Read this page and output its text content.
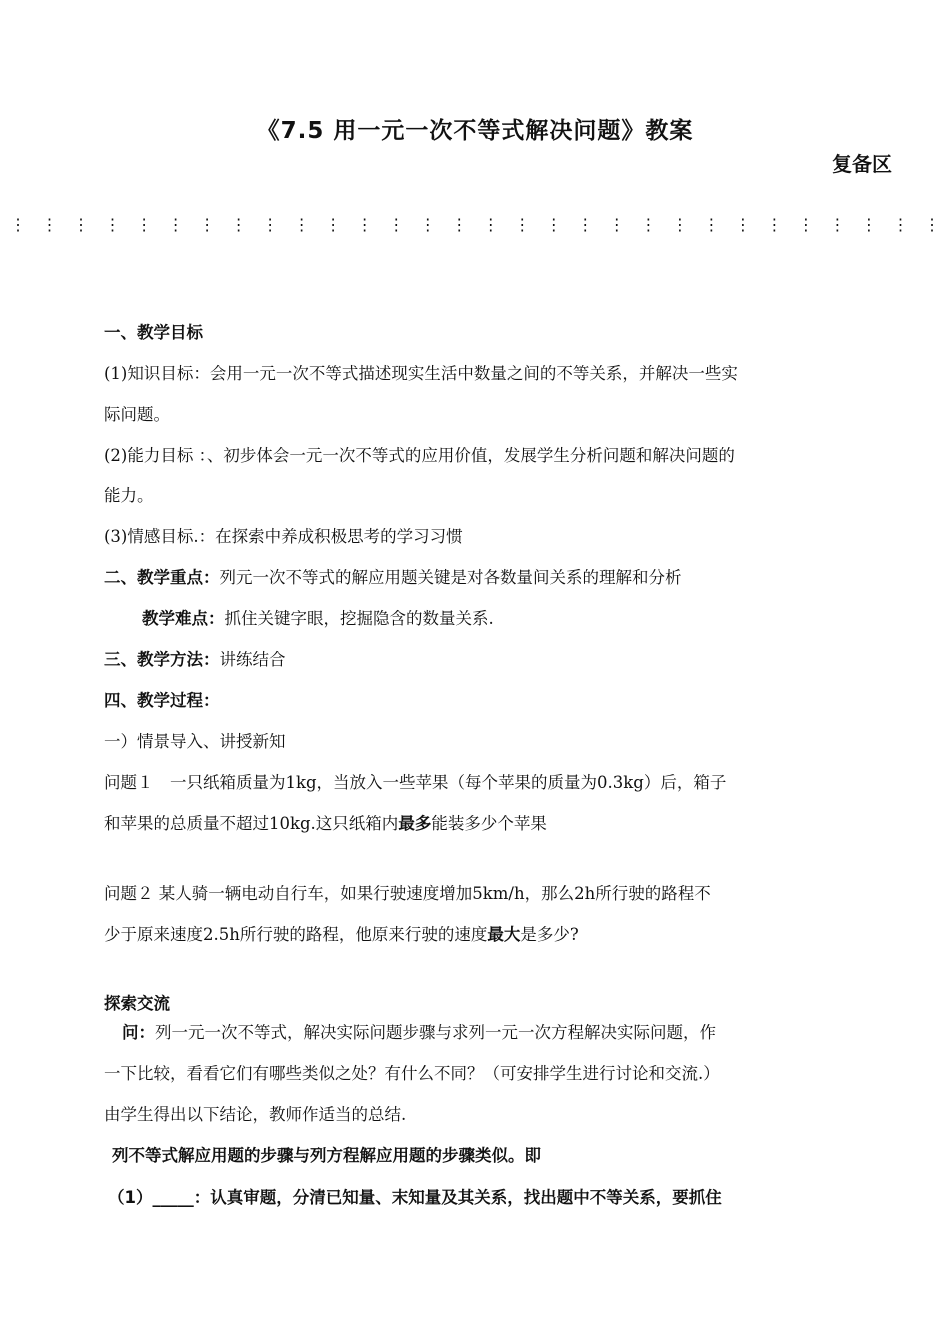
《7.5 用一元一次不等式解决问题》教案
复备区
⋮ ⋮ ⋮ ⋮ ⋮ ⋮ ⋮ ⋮ ⋮ ⋮ ⋮ ⋮ ⋮ ⋮ ⋮ ⋮ ⋮ ⋮ ⋮ ⋮ ⋮ ⋮ ⋮ ⋮ ⋮ ⋮ ⋮ ⋮ ⋮ ⋮
一、教学目标
(1)知识目标：会用一元一次不等式描述现实生活中数量之间的不等关系，并解决一些实
际问题。
(2)能力目标 ：、初步体会一元一次不等式的应用价值，发展学生分析问题和解决问题的
能力。
(3)情感目标.：在探索中养成积极思考的学习习惯
二、教学重点：列元一次不等式的解应用题关键是对各数量间关系的理解和分析
教学难点：抓住关键字眼，挖掘隐含的数量关系.
三、教学方法：讲练结合
四、教学过程：
一）情景导入、讲授新知
问题１　一只纸箱质量为1kg，当放入一些苹果（每个苹果的质量为0.3kg）后，箱子
和苹果的总质量不超过10kg.这只纸箱内最多能装多少个苹果
问题２ 某人骑一辆电动自行车，如果行驶速度增加5km/h，那么2h所行驶的路程不
少于原来速度2.5h所行驶的路程，他原来行驶的速度最大是多少?
探索交流
问：列一元一次不等式，解决实际问题步骤与求列一元一次方程解决实际问题，作
一下比较，看看它们有哪些类似之处？有什么不同？（可安排学生进行讨论和交流.）
由学生得出以下结论，教师作适当的总结.
列不等式解应用题的步骤与列方程解应用题的步骤类似。即
（1）_____：认真审题，分清已知量、末知量及其关系，找出题中不等关系，要抓住
